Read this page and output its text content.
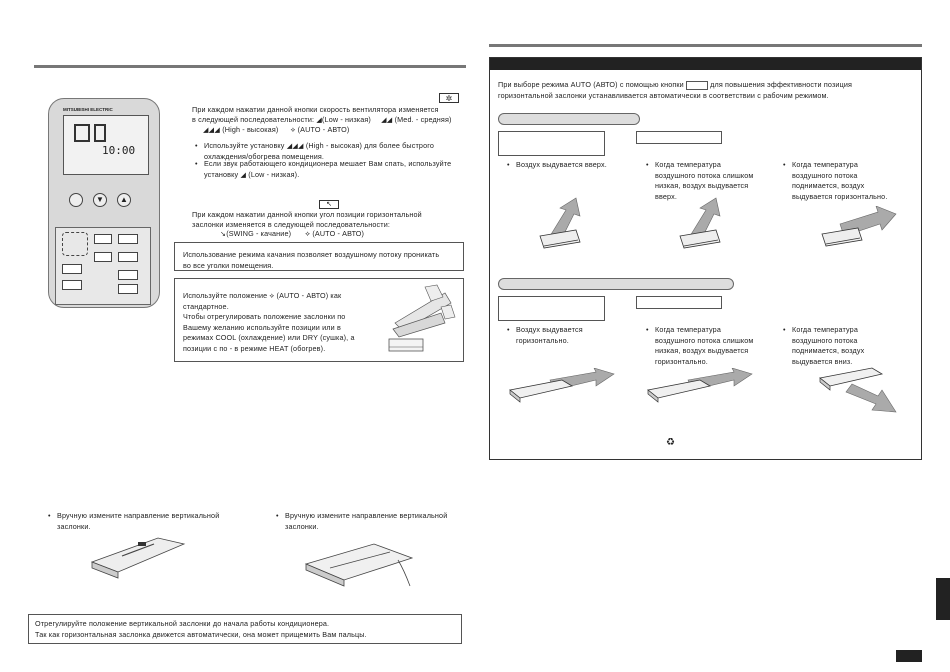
MITSUBISHI ELECTRIC
10:00
▼	▲
✲
При каждом нажатии данной кнопки скорость вентилятора изменяется
в следующей последовательности: ◢(Low - низкая) ◢◢ (Med. - средняя)
◢◢◢ (High - высокая) ⟡ (AUTO - АВТО)
• Используйте установку ◢◢◢ (High - высокая) для более быстрого
охлаждения/обогрева помещения.
• Если звук работающего кондиционера мешает Вам спать, используйте
установку ◢ (Low - низкая).
↖
При каждом нажатии данной кнопки угол позиции горизонтальной
заслонки изменяется в следующей последовательности:
↘(SWING - качание) ⟡ (AUTO - АВТО)
Использование режима качания позволяет воздушному потоку проникать
во все уголки помещения.
Используйте положение ⟡ (AUTO - АВТО) как
стандартное.
Чтобы отрегулировать положение заслонки по
Вашему желанию используйте позиции или в
режимах COOL (охлаждение) или DRY (сушка), а
позиции с по - в режиме HEAT (обогрев).
• Вручную измените направление вертикальной
заслонки.
• Вручную измените направление вертикальной
заслонки.
Отрегулируйте положение вертикальной заслонки до начала работы кондиционера.
Так как горизонтальная заслонка движется автоматически, она может прищемить Вам пальцы.
При выборе режима AUTO (АВТО) с помощью кнопки	для повышения эффективности позиция
горизонтальной заслонки устанавливается автоматически в соответствии с рабочим режимом.
• Воздух выдувается вверх.
•	Когда температура
воздушного потока слишком
низкая, воздух выдувается
вверх.
• Когда температура
воздушного потока
поднимается, воздух
выдувается горизонтально.
• Воздух выдувается
горизонтально.
• Когда температура
воздушного потока слишком
низкая, воздух выдувается
горизонтально.
• Когда температура
воздушного потока
поднимается, воздух
выдувается вниз.
♻
